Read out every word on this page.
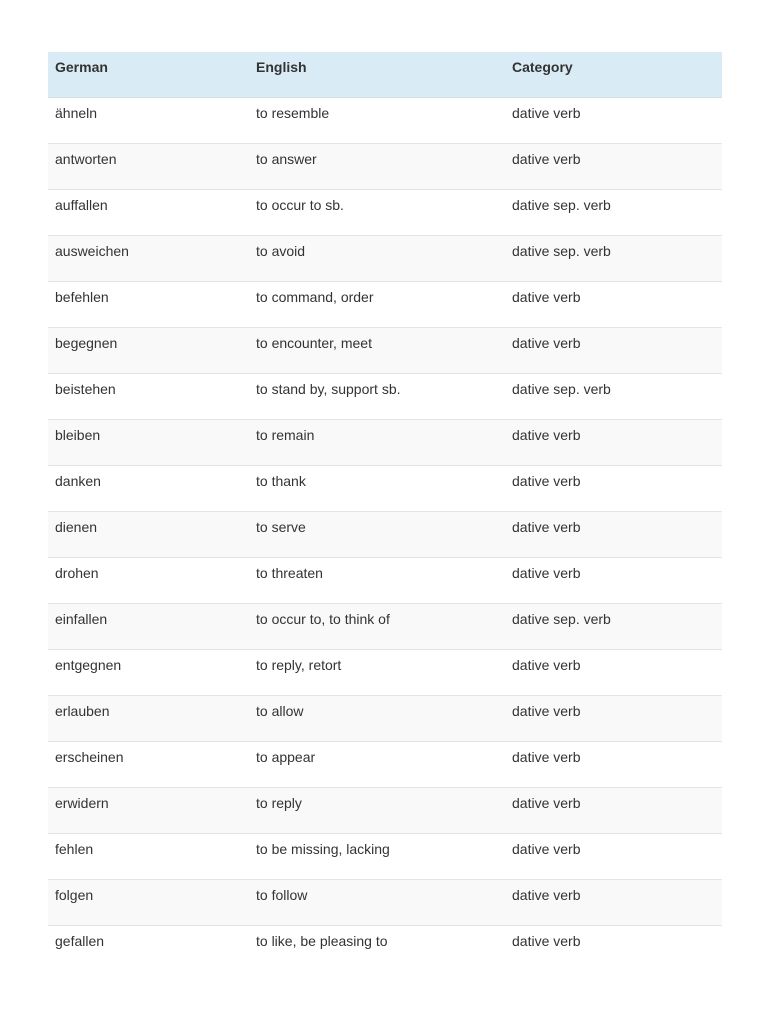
German	English	Category
ähneln	to resemble	dative verb
antworten	to answer	dative verb
auffallen	to occur to sb.	dative sep. verb
ausweichen	to avoid	dative sep. verb
befehlen	to command, order	dative verb
begegnen	to encounter, meet	dative verb
beistehen	to stand by, support sb.	dative sep. verb
bleiben	to remain	dative verb
danken	to thank	dative verb
dienen	to serve	dative verb
drohen	to threaten	dative verb
einfallen	to occur to, to think of	dative sep. verb
entgegnen	to reply, retort	dative verb
erlauben	to allow	dative verb
erscheinen	to appear	dative verb
erwidern	to reply	dative verb
fehlen	to be missing, lacking	dative verb
folgen	to follow	dative verb
gefallen	to like, be pleasing to	dative verb
